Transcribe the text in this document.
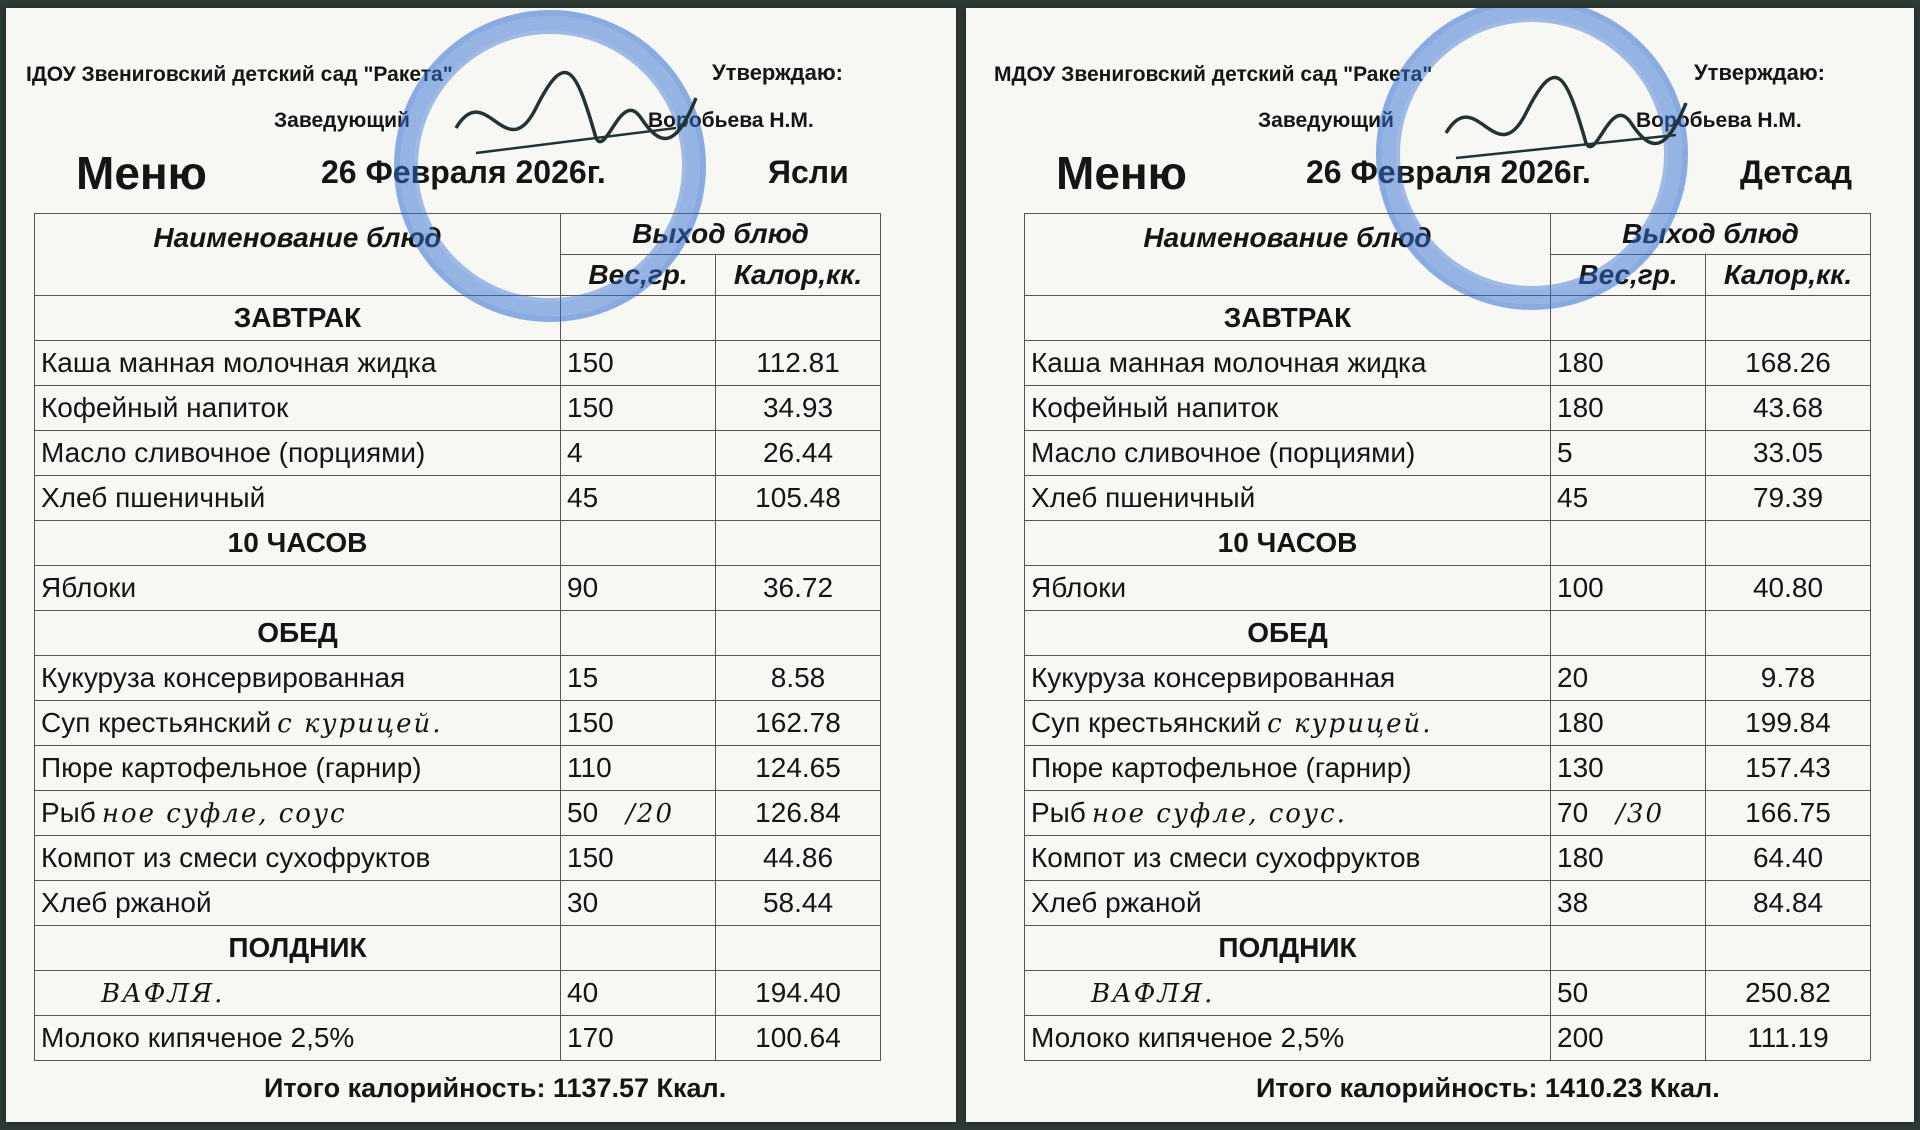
ІДОУ Звениговский детский сад "Ракета"	Утверждаю:
Заведующий	Воробьева Н.М.
Меню	26 Февраля 2026г.	Ясли
Наименование блюд	Выход блюд	
	Вес,гр.	Калор,кк.
ЗАВТРАК		
Каша манная молочная жидка	150	112.81
Кофейный напиток	150	34.93
Масло сливочное (порциями)	4	26.44
Хлеб пшеничный	45	105.48
10 ЧАСОВ		
Яблоки	90	36.72
ОБЕД		
Кукуруза консервированная	15	8.58
Суп крестьянский с курицей.	150	162.78
Пюре картофельное (гарнир)	110	124.65
Рыб ное суфле, соус	50 /20	126.84
Компот из смеси сухофруктов	150	44.86
Хлеб ржаной	30	58.44
ПОЛДНИК		
ВАФЛЯ.	40	194.40
Молоко кипяченое 2,5%	170	100.64
Итого калорийность: 1137.57 Ккал.
МДОУ Звениговский детский сад "Ракета"	Утверждаю:
Заведующий	Воробьева Н.М.
Меню	26 Февраля 2026г.	Детсад
Наименование блюд	Выход блюд	
	Вес,гр.	Калор,кк.
ЗАВТРАК		
Каша манная молочная жидка	180	168.26
Кофейный напиток	180	43.68
Масло сливочное (порциями)	5	33.05
Хлеб пшеничный	45	79.39
10 ЧАСОВ		
Яблоки	100	40.80
ОБЕД		
Кукуруза консервированная	20	9.78
Суп крестьянский с курицей.	180	199.84
Пюре картофельное (гарнир)	130	157.43
Рыб ное суфле, соус.	70 /30	166.75
Компот из смеси сухофруктов	180	64.40
Хлеб ржаной	38	84.84
ПОЛДНИК		
ВАФЛЯ.	50	250.82
Молоко кипяченое 2,5%	200	111.19
Итого калорийность: 1410.23 Ккал.
